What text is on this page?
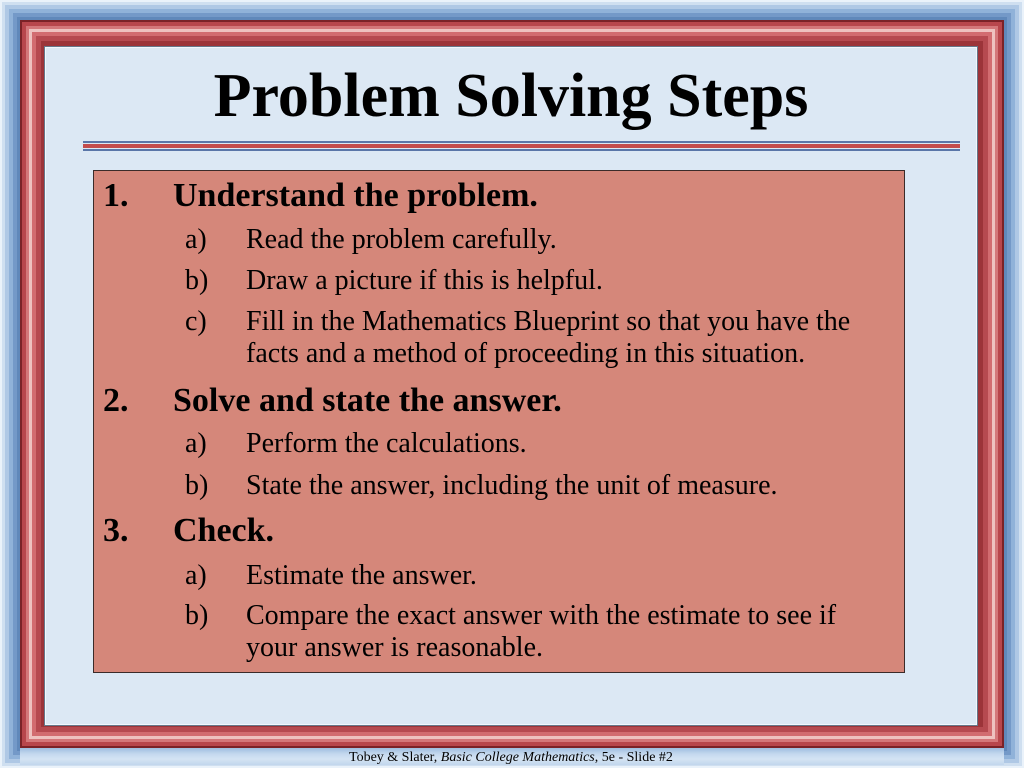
Problem Solving Steps
1. Understand the problem.
a) Read the problem carefully.
b) Draw a picture if this is helpful.
c) Fill in the Mathematics Blueprint so that you have the facts and a method of proceeding in this situation.
2. Solve and state the answer.
a) Perform the calculations.
b) State the answer, including the unit of measure.
3. Check.
a) Estimate the answer.
b) Compare the exact answer with the estimate to see if your answer is reasonable.
Tobey & Slater, Basic College Mathematics, 5e - Slide #2
